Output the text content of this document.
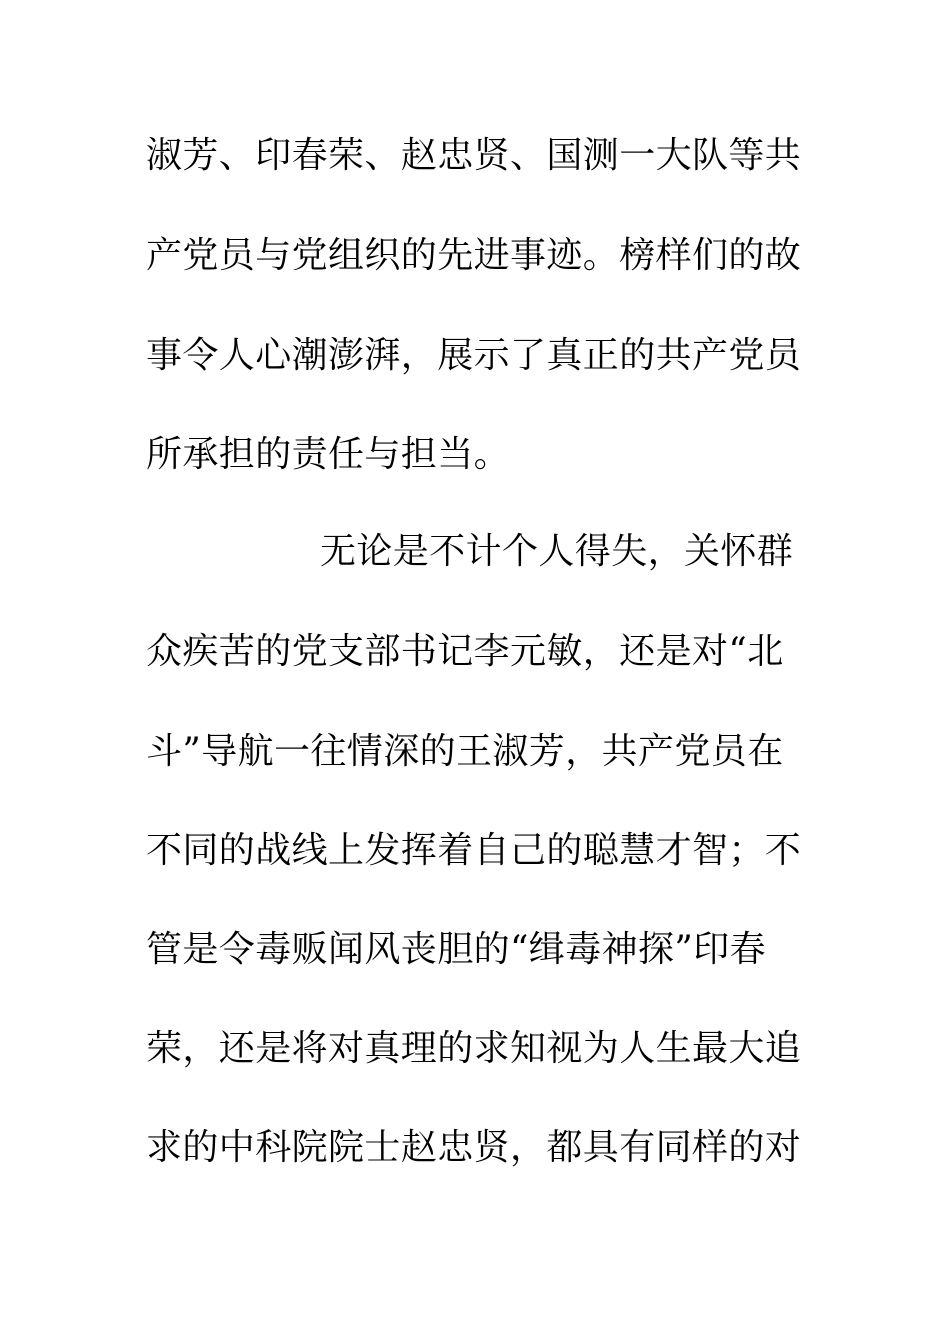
淑芳、印春荣、赵忠贤、国测一大队等共
产党员与党组织的先进事迹。榜样们的故
事令人心潮澎湃，展示了真正的共产党员
所承担的责任与担当。
无论是不计个人得失，关怀群
众疾苦的党支部书记李元敏，还是对“北
斗”导航一往情深的王淑芳，共产党员在
不同的战线上发挥着自己的聪慧才智；不
管是令毒贩闻风丧胆的“缉毒神探”印春
荣，还是将对真理的求知视为人生最大追
求的中科院院士赵忠贤，都具有同样的对
